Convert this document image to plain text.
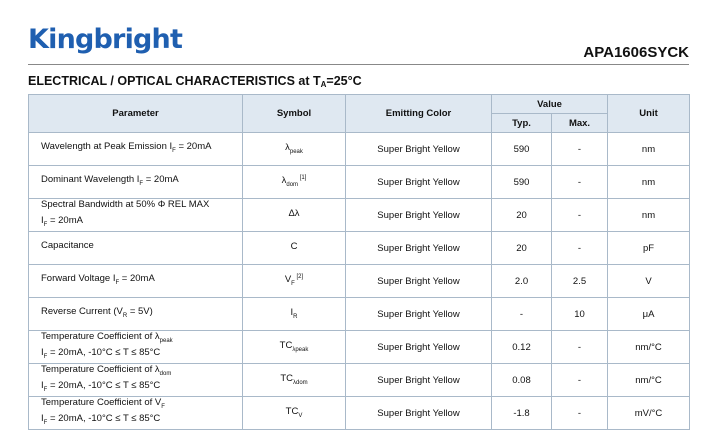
Kingbright	APA1606SYCK
ELECTRICAL / OPTICAL CHARACTERISTICS at $T_A=25^\circ C$
Parameter	Symbol	Emitting Color	Value		Unit
			Typ.	Max.	

Wavelength at Peak Emission $I_F = 20mA$	$\lambda_{peak}$	Super Bright Yellow	590	-	nm

Dominant Wavelength $I_F = 20mA$	$\lambda_{dom}$ [1]	Super Bright Yellow	590	-	nm

Spectral Bandwidth at 50% Φ REL MAX
$I_F = 20mA$	Δλ	Super Bright Yellow	20	-	nm

Capacitance	C	Super Bright Yellow	20	-	pF

Forward Voltage $I_F = 20mA$	$V_F$ [2]	Super Bright Yellow	2.0	2.5	V

Reverse Current $(V_R = 5V)$	$I_R$	Super Bright Yellow	-	10	μA

Temperature Coefficient of $\lambda_{peak}$
$I_F = 20mA$, -10°C ≤ T ≤ 85°C	$TC_{\lambda peak}$	Super Bright Yellow	0.12	-	nm/°C

Temperature Coefficient of $\lambda_{dom}$
$I_F = 20mA$, -10°C ≤ T ≤ 85°C	$TC_{\lambda dom}$	Super Bright Yellow	0.08	-	nm/°C

Temperature Coefficient of $V_F$
$I_F = 20mA$, -10°C ≤ T ≤ 85°C	$TC_V$	Super Bright Yellow	-1.8	-	mV/°C
